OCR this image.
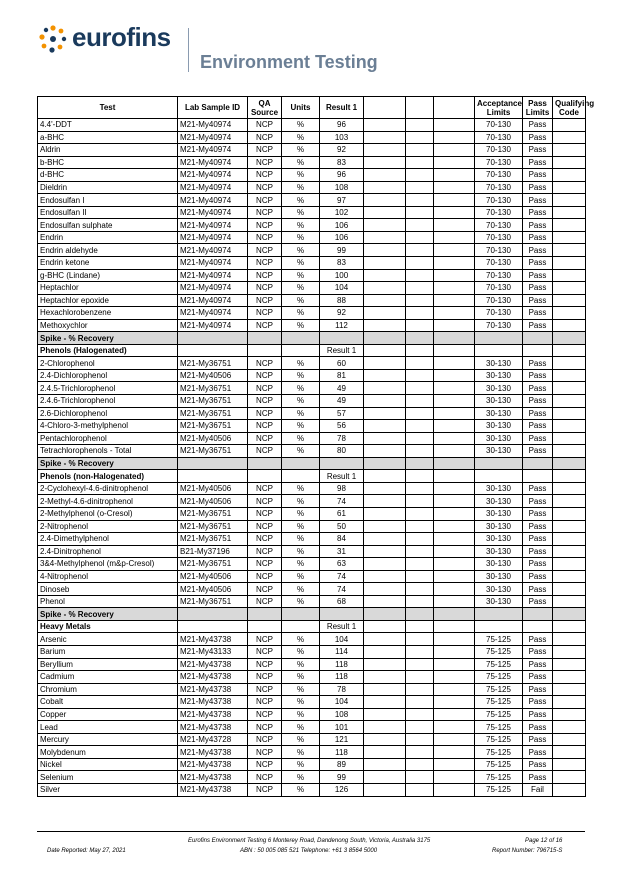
eurofins
Environment Testing
Test	Lab Sample ID	QA Source	Units	Result 1				Acceptance Limits	Pass Limits	Qualifying Code
4.4'-DDT	M21-My40974	NCP	%	96				70-130	Pass	
a-BHC	M21-My40974	NCP	%	103				70-130	Pass	
Aldrin	M21-My40974	NCP	%	92				70-130	Pass	
b-BHC	M21-My40974	NCP	%	83				70-130	Pass	
d-BHC	M21-My40974	NCP	%	96				70-130	Pass	
Dieldrin	M21-My40974	NCP	%	108				70-130	Pass	
Endosulfan I	M21-My40974	NCP	%	97				70-130	Pass	
Endosulfan II	M21-My40974	NCP	%	102				70-130	Pass	
Endosulfan sulphate	M21-My40974	NCP	%	106				70-130	Pass	
Endrin	M21-My40974	NCP	%	106				70-130	Pass	
Endrin aldehyde	M21-My40974	NCP	%	99				70-130	Pass	
Endrin ketone	M21-My40974	NCP	%	83				70-130	Pass	
g-BHC (Lindane)	M21-My40974	NCP	%	100				70-130	Pass	
Heptachlor	M21-My40974	NCP	%	104				70-130	Pass	
Heptachlor epoxide	M21-My40974	NCP	%	88				70-130	Pass	
Hexachlorobenzene	M21-My40974	NCP	%	92				70-130	Pass	
Methoxychlor	M21-My40974	NCP	%	112				70-130	Pass	
Spike - % Recovery										
Phenols (Halogenated)				Result 1						
2-Chlorophenol	M21-My36751	NCP	%	60				30-130	Pass	
2.4-Dichlorophenol	M21-My40506	NCP	%	81				30-130	Pass	
2.4.5-Trichlorophenol	M21-My36751	NCP	%	49				30-130	Pass	
2.4.6-Trichlorophenol	M21-My36751	NCP	%	49				30-130	Pass	
2.6-Dichlorophenol	M21-My36751	NCP	%	57				30-130	Pass	
4-Chloro-3-methylphenol	M21-My36751	NCP	%	56				30-130	Pass	
Pentachlorophenol	M21-My40506	NCP	%	78				30-130	Pass	
Tetrachlorophenols - Total	M21-My36751	NCP	%	80				30-130	Pass	
Spike - % Recovery										
Phenols (non-Halogenated)				Result 1						
2-Cyclohexyl-4.6-dinitrophenol	M21-My40506	NCP	%	98				30-130	Pass	
2-Methyl-4.6-dinitrophenol	M21-My40506	NCP	%	74				30-130	Pass	
2-Methylphenol (o-Cresol)	M21-My36751	NCP	%	61				30-130	Pass	
2-Nitrophenol	M21-My36751	NCP	%	50				30-130	Pass	
2.4-Dimethylphenol	M21-My36751	NCP	%	84				30-130	Pass	
2.4-Dinitrophenol	B21-My37196	NCP	%	31				30-130	Pass	
3&4-Methylphenol (m&p-Cresol)	M21-My36751	NCP	%	63				30-130	Pass	
4-Nitrophenol	M21-My40506	NCP	%	74				30-130	Pass	
Dinoseb	M21-My40506	NCP	%	74				30-130	Pass	
Phenol	M21-My36751	NCP	%	68				30-130	Pass	
Spike - % Recovery										
Heavy Metals				Result 1						
Arsenic	M21-My43738	NCP	%	104				75-125	Pass	
Barium	M21-My43133	NCP	%	114				75-125	Pass	
Beryllium	M21-My43738	NCP	%	118				75-125	Pass	
Cadmium	M21-My43738	NCP	%	118				75-125	Pass	
Chromium	M21-My43738	NCP	%	78				75-125	Pass	
Cobalt	M21-My43738	NCP	%	104				75-125	Pass	
Copper	M21-My43738	NCP	%	108				75-125	Pass	
Lead	M21-My43738	NCP	%	101				75-125	Pass	
Mercury	M21-My43728	NCP	%	121				75-125	Pass	
Molybdenum	M21-My43738	NCP	%	118				75-125	Pass	
Nickel	M21-My43738	NCP	%	89				75-125	Pass	
Selenium	M21-My43738	NCP	%	99				75-125	Pass	
Silver	M21-My43738	NCP	%	126				75-125	Fail	
Eurofins Environment Testing 6 Monterey Road, Dandenong South, Victoria, Australia 3175	Page 12 of 16
Date Reported: May 27, 2021	ABN : 50 005 085 521 Telephone: +61 3 8564 5000	Report Number: 796715-S
